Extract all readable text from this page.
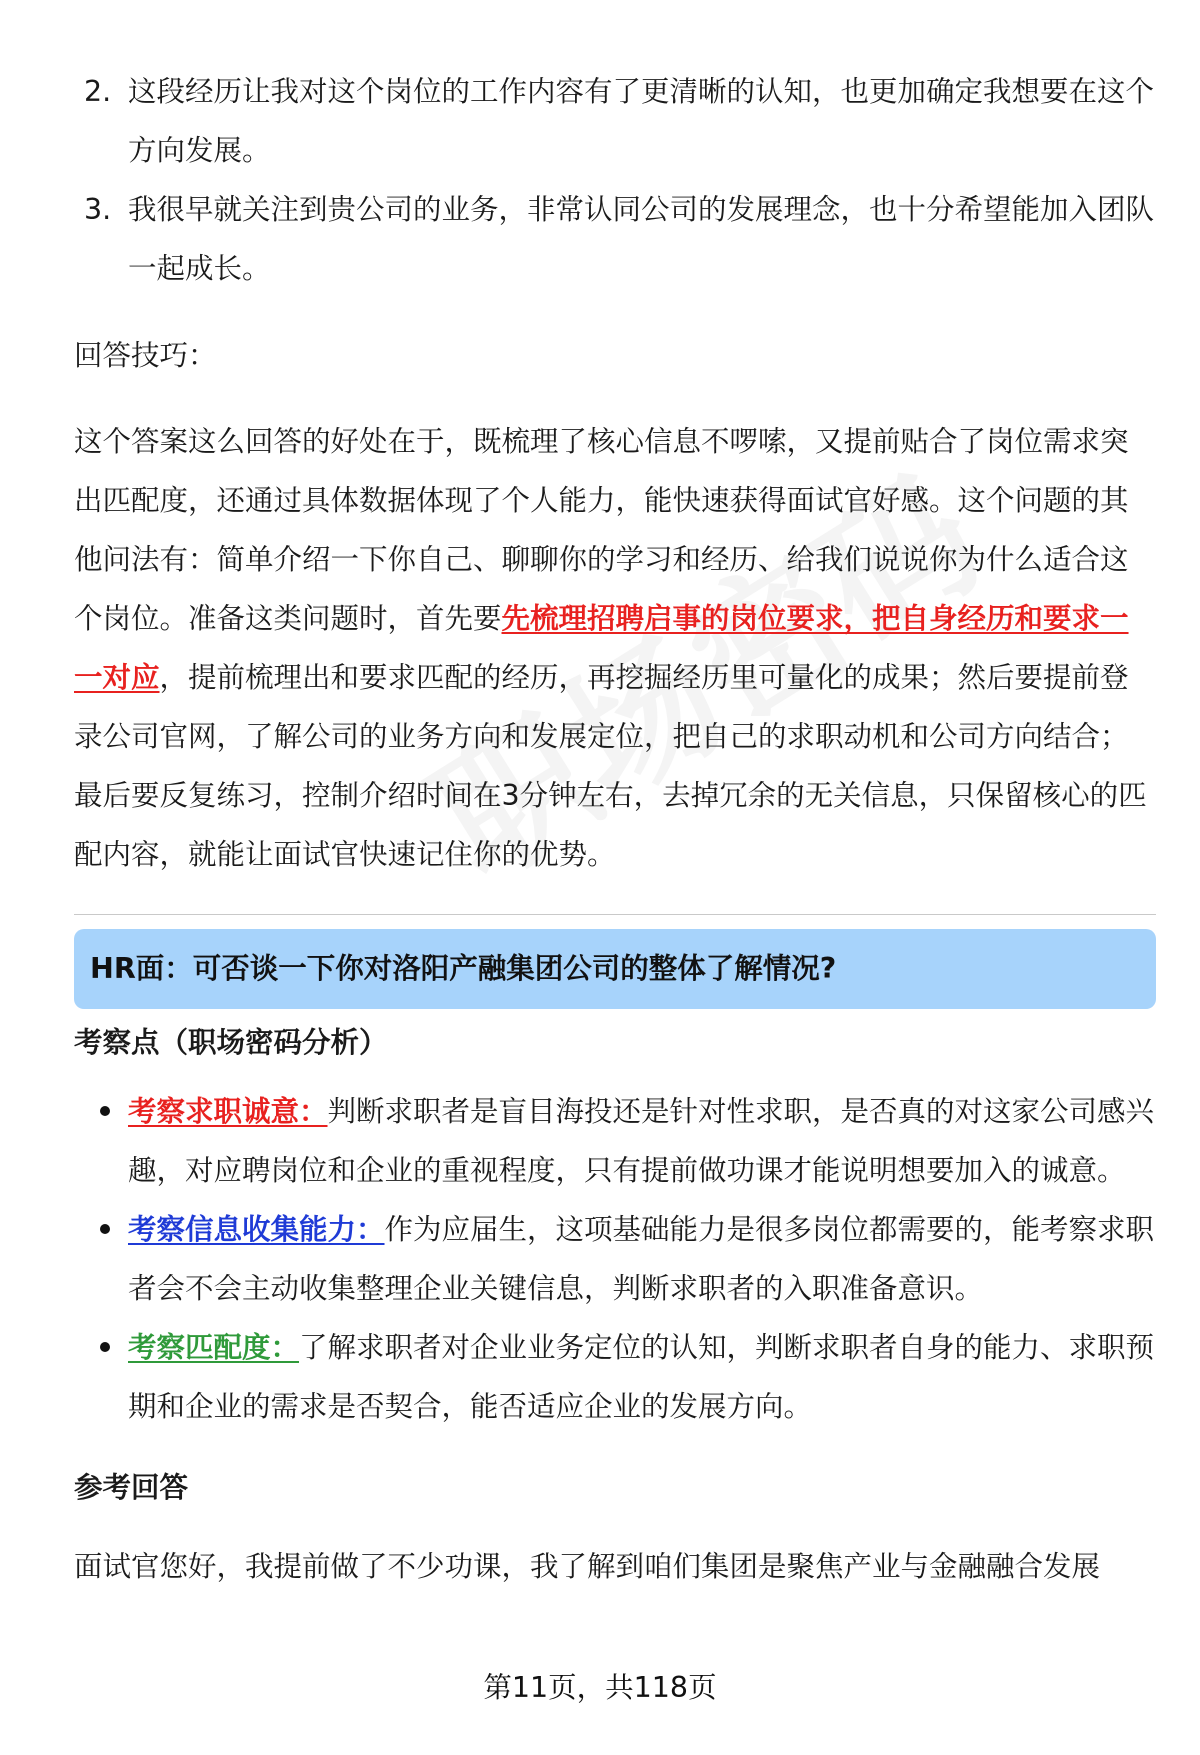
2. 这段经历让我对这个岗位的工作内容有了更清晰的认知，也更加确定我想要在这个方向发展。
3. 我很早就关注到贵公司的业务，非常认同公司的发展理念，也十分希望能加入团队一起成长。

回答技巧：

这个答案这么回答的好处在于，既梳理了核心信息不啰嗦，又提前贴合了岗位需求突出匹配度，还通过具体数据体现了个人能力，能快速获得面试官好感。这个问题的其他问法有：简单介绍一下你自己、聊聊你的学习和经历、给我们说说你为什么适合这个岗位。准备这类问题时，首先要先梳理招聘启事的岗位要求，把自身经历和要求一一对应，提前梳理出和要求匹配的经历，再挖掘经历里可量化的成果；然后要提前登录公司官网，了解公司的业务方向和发展定位，把自己的求职动机和公司方向结合；最后要反复练习，控制介绍时间在3分钟左右，去掉冗余的无关信息，只保留核心的匹配内容，就能让面试官快速记住你的优势。

HR面：可否谈一下你对洛阳产融集团公司的整体了解情况?

考察点（职场密码分析）

考察求职诚意：判断求职者是盲目海投还是针对性求职，是否真的对这家公司感兴趣，对应聘岗位和企业的重视程度，只有提前做功课才能说明想要加入的诚意。
考察信息收集能力：作为应届生，这项基础能力是很多岗位都需要的，能考察求职者会不会主动收集整理企业关键信息，判断求职者的入职准备意识。
考察匹配度：了解求职者对企业业务定位的认知，判断求职者自身的能力、求职预期和企业的需求是否契合，能否适应企业的发展方向。

参考回答

面试官您好，我提前做了不少功课，我了解到咱们集团是聚焦产业与金融融合发展

第11页，共118页
